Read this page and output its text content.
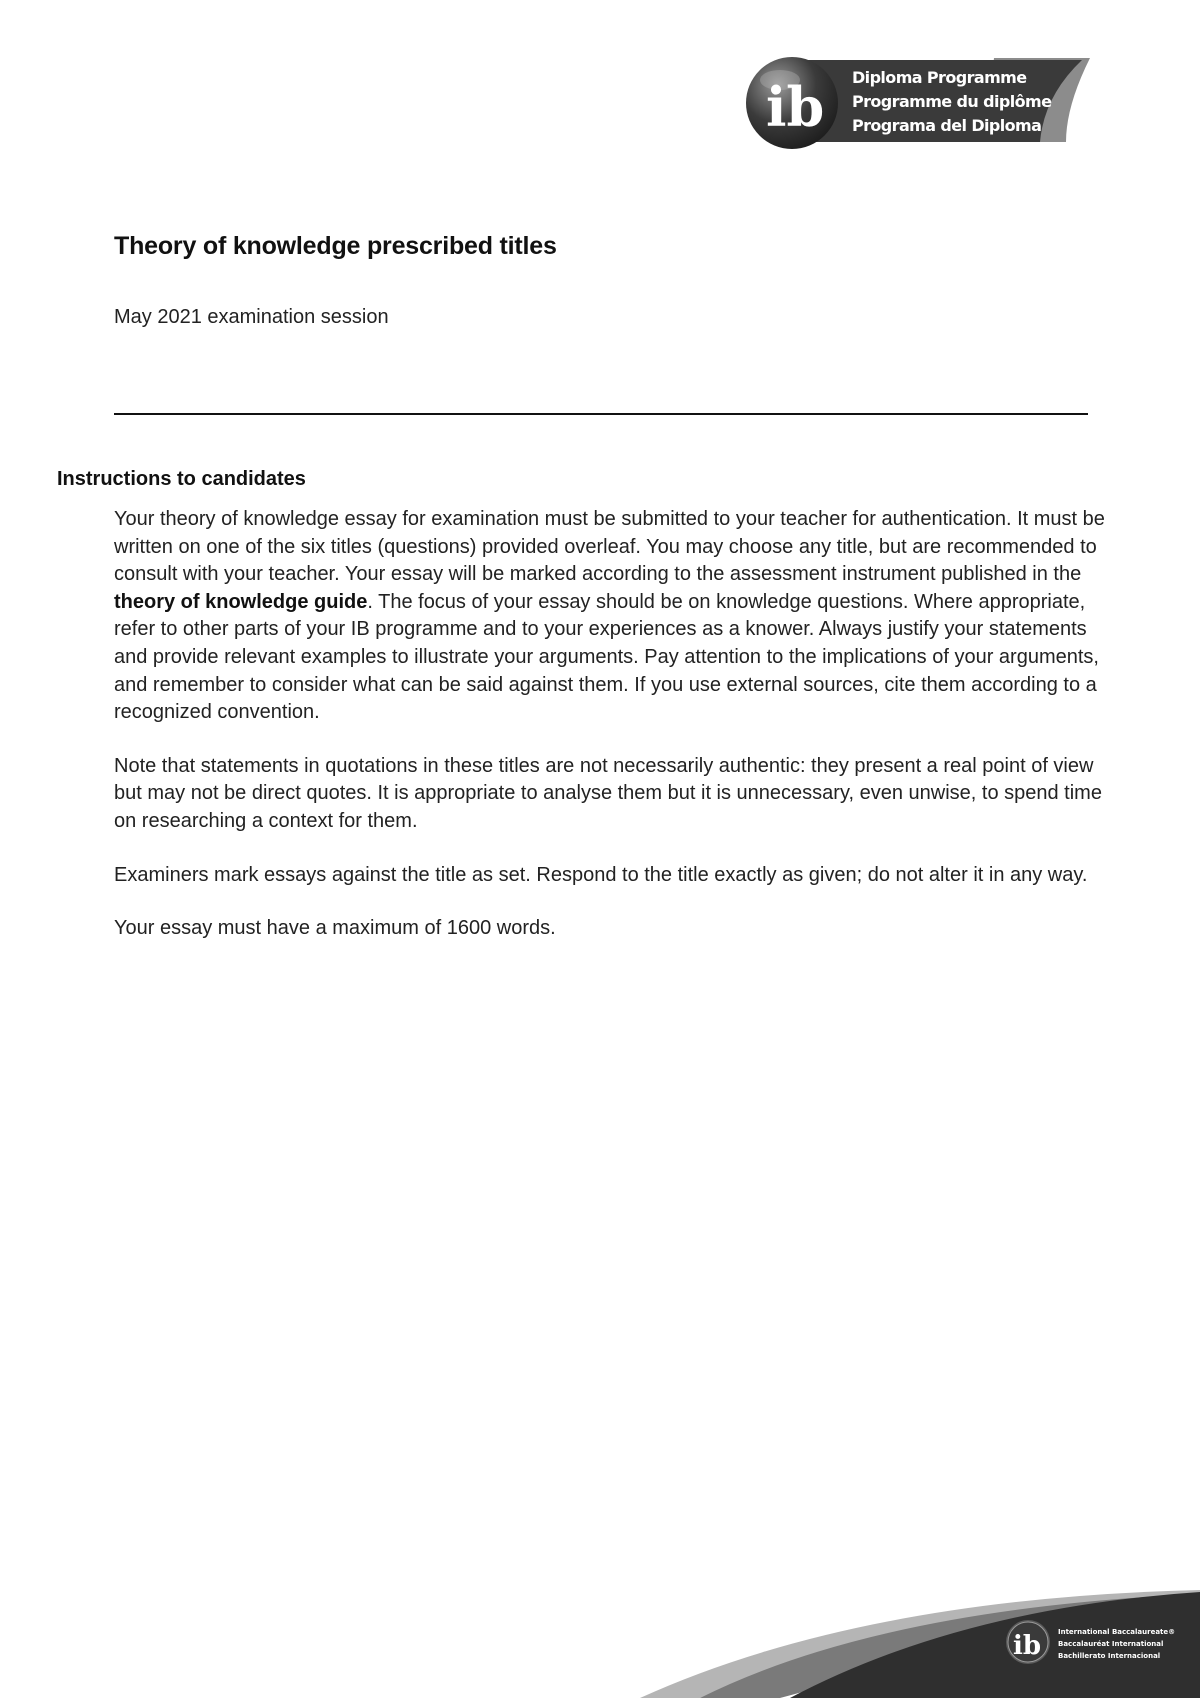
ib Diploma Programme
Programme du diplôme
Programa del Diploma
Theory of knowledge prescribed titles

May 2021 examination session

Instructions to candidates

Your theory of knowledge essay for examination must be submitted to your teacher for authentication. It must be written on one of the six titles (questions) provided overleaf. You may choose any title, but are recommended to consult with your teacher. Your essay will be marked according to the assessment instrument published in the theory of knowledge guide. The focus of your essay should be on knowledge questions. Where appropriate, refer to other parts of your IB programme and to your experiences as a knower. Always justify your statements and provide relevant examples to illustrate your arguments. Pay attention to the implications of your arguments, and remember to consider what can be said against them. If you use external sources, cite them according to a recognized convention.

Note that statements in quotations in these titles are not necessarily authentic: they present a real point of view but may not be direct quotes. It is appropriate to analyse them but it is unnecessary, even unwise, to spend time on researching a context for them.

Examiners mark essays against the title as set. Respond to the title exactly as given; do not alter it in any way.

Your essay must have a maximum of 1600 words.

ib International Baccalaureate®
Baccalauréat International
Bachillerato Internacional
